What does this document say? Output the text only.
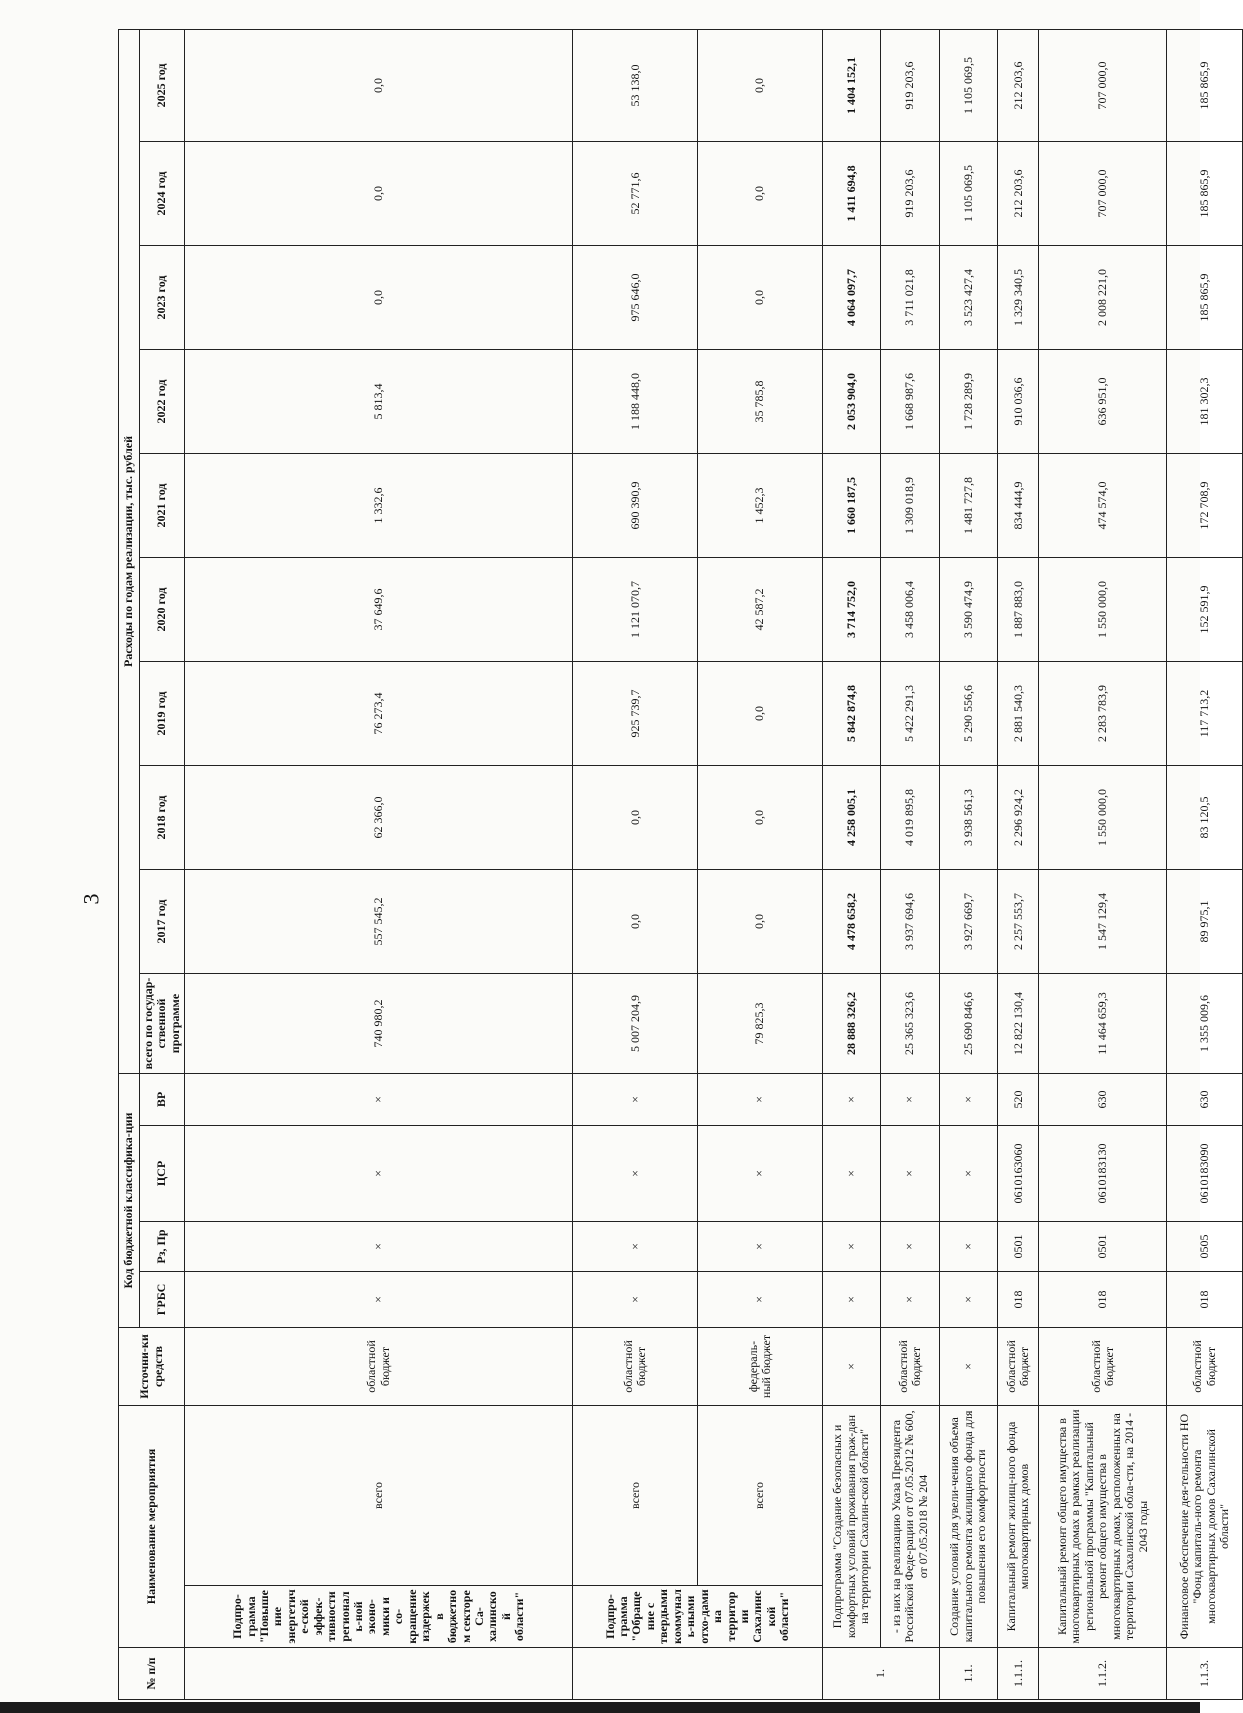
3
№ п/п	Наименование мероприятия		Источни-ки средств	Код бюджетной классифика-ции				Расходы по годам реализации, тыс. рублей									
				ГРБС	Рз, Пр	ЦСР	ВР	всего по государ-ственной программе	2017 год	2018 год	2019 год	2020 год	2021 год	2022 год	2023 год	2024 год	2025 год

	Подпро-грамма "Повышение энергетиче-ской эффек-тивности региональ-ной эконо-мики и со-кращение издержек в бюджетном секторе Са-халинской области"	всего	областной бюджет	×	×	×	×	740 980,2	557 545,2	62 366,0	76 273,4	37 649,6	1 332,6	5 813,4	0,0	0,0	0,0
	Подпро-грамма "Обращение с твердыми коммуналь-ными отхо-дами на территории Сахалинской области"	всего	областной бюджет	×	×	×	×	5 007 204,9	0,0	0,0	925 739,7	1 121 070,7	690 390,9	1 188 448,0	975 646,0	52 771,6	53 138,0
		всего	федераль-ный бюджет	×	×	×	×	79 825,3	0,0	0,0	0,0	42 587,2	1 452,3	35 785,8	0,0	0,0	0,0
1.	Подпрограмма "Создание безопасных и комфортных условий проживания граж-дан на территории Сахалин-ской области"		×	×	×	×	×	28 888 326,2	4 478 658,2	4 258 005,1	5 842 874,8	3 714 752,0	1 660 187,5	2 053 904,0	4 064 097,7	1 411 694,8	1 404 152,1
	- из них на реализацию Указа Президента Российской Феде-рации от 07.05.2012 № 600, от 07.05.2018 № 204		областной бюджет	×	×	×	×	25 365 323,6	3 937 694,6	4 019 895,8	5 422 291,3	3 458 006,4	1 309 018,9	1 668 987,6	3 711 021,8	919 203,6	919 203,6
1.1.	Создание условий для увели-чения объема капитального ремонта жилищного фонда для повышения его комфортности		×	×	×	×	×	25 690 846,6	3 927 669,7	3 938 561,3	5 290 556,6	3 590 474,9	1 481 727,8	1 728 289,9	3 523 427,4	1 105 069,5	1 105 069,5
1.1.1.	Капитальный ремонт жилищ-ного фонда многоквартирных домов		областной бюджет	018	0501	0610163060	520	12 822 130,4	2 257 553,7	2 296 924,2	2 881 540,3	1 887 883,0	834 444,9	910 036,6	1 329 340,5	212 203,6	212 203,6
1.1.2.	Капитальный ремонт общего имущества в многоквартирных домах в рамках реализации региональной программы "Капитальный ремонт общего имущества в многоквартирных домах, расположенных на территории Сахалинской обла-сти, на 2014 - 2043 годы		областной бюджет	018	0501	0610183130	630	11 464 659,3	1 547 129,4	1 550 000,0	2 283 783,9	1 550 000,0	474 574,0	636 951,0	2 008 221,0	707 000,0	707 000,0
1.1.3.	Финансовое обеспечение дея-тельности НО "Фонд капиталь-ного ремонта многоквартирных домов Сахалинской области"		областной бюджет	018	0505	0610183090	630	1 355 009,6	89 975,1	83 120,5	117 713,2	152 591,9	172 708,9	181 302,3	185 865,9	185 865,9	185 865,9
